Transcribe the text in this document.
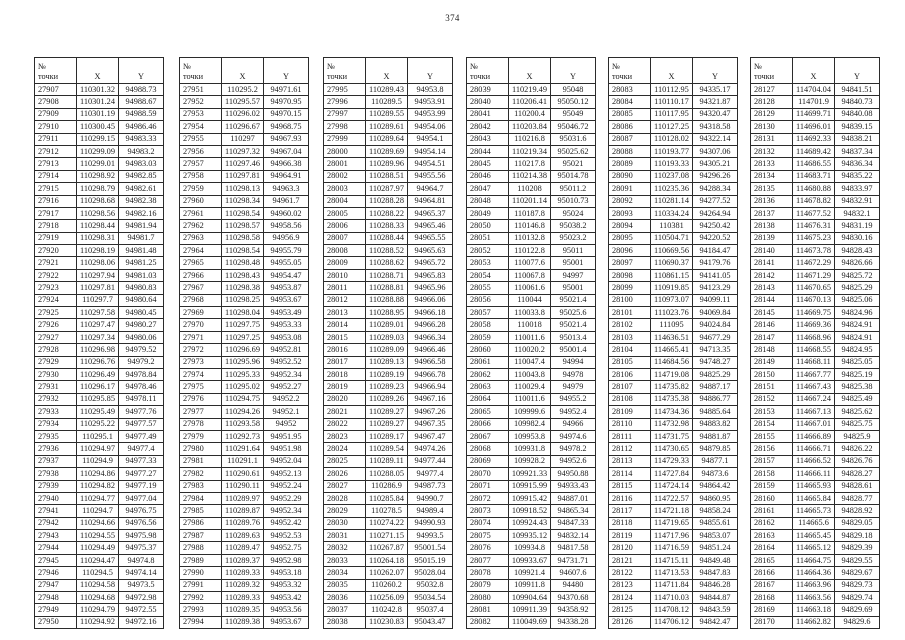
374
№
точки	X	Y
27907	110301.32	94988.73
27908	110301.24	94988.67
27909	110301.19	94988.59
27910	110300.45	94986.46
27911	110299.15	94983.33
27912	110299.09	94983.2
27913	110299.01	94983.03
27914	110298.92	94982.85
27915	110298.79	94982.61
27916	110298.68	94982.38
27917	110298.56	94982.16
27918	110298.44	94981.94
27919	110298.31	94981.7
27920	110298.19	94981.48
27921	110298.06	94981.25
27922	110297.94	94981.03
27923	110297.81	94980.83
27924	110297.7	94980.64
27925	110297.58	94980.45
27926	110297.47	94980.27
27927	110297.34	94980.06
27928	110296.98	94979.52
27929	110296.76	94979.2
27930	110296.49	94978.84
27931	110296.17	94978.46
27932	110295.85	94978.11
27933	110295.49	94977.76
27934	110295.22	94977.57
27935	110295.1	94977.49
27936	110294.97	94977.4
27937	110294.9	94977.33
27938	110294.86	94977.27
27939	110294.82	94977.19
27940	110294.77	94977.04
27941	110294.7	94976.75
27942	110294.66	94976.56
27943	110294.55	94975.98
27944	110294.49	94975.37
27945	110294.47	94974.8
27946	110294.5	94974.14
27947	110294.58	94973.5
27948	110294.68	94972.98
27949	110294.79	94972.55
27950	110294.92	94972.16
№
точки	X	Y
27951	110295.2	94971.61
27952	110295.57	94970.95
27953	110296.02	94970.15
27954	110296.67	94968.75
27955	110297	94967.93
27956	110297.32	94967.04
27957	110297.46	94966.38
27958	110297.81	94964.91
27959	110298.13	94963.3
27960	110298.34	94961.7
27961	110298.54	94960.02
27962	110298.57	94958.56
27963	110298.58	94956.9
27964	110298.54	94955.79
27965	110298.48	94955.05
27966	110298.43	94954.47
27967	110298.38	94953.87
27968	110298.25	94953.67
27969	110298.04	94953.49
27970	110297.75	94953.33
27971	110297.25	94953.08
27972	110296.69	94952.81
27973	110295.96	94952.52
27974	110295.33	94952.34
27975	110295.02	94952.27
27976	110294.75	94952.2
27977	110294.26	94952.1
27978	110293.58	94952
27979	110292.73	94951.95
27980	110291.64	94951.98
27981	110291.1	94952.04
27982	110290.61	94952.13
27983	110290.11	94952.24
27984	110289.97	94952.29
27985	110289.87	94952.34
27986	110289.76	94952.42
27987	110289.63	94952.53
27988	110289.47	94952.75
27989	110289.37	94952.98
27990	110289.33	94953.18
27991	110289.32	94953.32
27992	110289.33	94953.42
27993	110289.35	94953.56
27994	110289.38	94953.67
№
точки	X	Y
27995	110289.43	94953.8
27996	110289.5	94953.91
27997	110289.55	94953.99
27998	110289.61	94954.06
27999	110289.64	94954.1
28000	110289.69	94954.14
28001	110289.96	94954.51
28002	110288.51	94955.56
28003	110287.97	94964.7
28004	110288.28	94964.81
28005	110288.22	94965.37
28006	110288.33	94965.46
28007	110288.44	94965.55
28008	110288.52	94965.63
28009	110288.62	94965.72
28010	110288.71	94965.83
28011	110288.81	94965.96
28012	110288.88	94966.06
28013	110288.95	94966.18
28014	110289.01	94966.28
28015	110289.03	94966.34
28016	110289.09	94966.46
28017	110289.13	94966.58
28018	110289.19	94966.78
28019	110289.23	94966.94
28020	110289.26	94967.16
28021	110289.27	94967.26
28022	110289.27	94967.35
28023	110289.17	94967.47
28024	110289.54	94974.26
28025	110289.11	94977.44
28026	110288.05	94977.4
28027	110286.9	94987.73
28028	110285.84	94990.7
28029	110278.5	94989.4
28030	110274.22	94990.93
28031	110271.15	94993.5
28032	110267.87	95001.54
28033	110264.18	95015.19
28034	110262.07	95028.04
28035	110260.2	95032.8
28036	110256.09	95034.54
28037	110242.8	95037.4
28038	110230.83	95043.47
№
точки	X	Y
28039	110219.49	95048
28040	110206.41	95050.12
28041	110200.4	95049
28042	110203.84	95046.72
28043	110216.8	95031.6
28044	110219.34	95025.62
28045	110217.8	95021
28046	110214.38	95014.78
28047	110208	95011.2
28048	110201.14	95010.73
28049	110187.8	95024
28050	110146.8	95038.2
28051	110132.8	95023.2
28052	110122.8	95011
28053	110077.6	95001
28054	110067.8	94997
28055	110061.6	95001
28056	110044	95021.4
28057	110033.8	95025.6
28058	110018	95021.4
28059	110011.6	95013.4
28060	110020.2	95001.4
28061	110047.4	94994
28062	110043.8	94978
28063	110029.4	94979
28064	110011.6	94955.2
28065	109999.6	94952.4
28066	109982.4	94966
28067	109953.8	94974.6
28068	109931.8	94978.2
28069	109928.2	94952.6
28070	109921.33	94950.88
28071	109915.99	94933.43
28072	109915.42	94887.01
28073	109918.52	94865.34
28074	109924.43	94847.33
28075	109935.12	94832.14
28076	109934.8	94817.58
28077	109933.67	94731.71
28078	109921.4	94607.6
28079	109911.8	94480
28080	109904.64	94370.68
28081	109911.39	94358.92
28082	110049.69	94338.28
№
точки	X	Y
28083	110112.95	94335.17
28084	110110.17	94321.87
28085	110117.95	94320.47
28086	110127.25	94318.58
28087	110128.02	94322.14
28088	110193.77	94307.06
28089	110193.33	94305.21
28090	110237.08	94296.26
28091	110235.36	94288.34
28092	110281.14	94277.52
28093	110334.24	94264.94
28094	110381	94250.42
28095	110504.71	94220.52
28096	110669.56	94184.47
28097	110690.37	94179.76
28098	110861.15	94141.05
28099	110919.85	94123.29
28100	110973.07	94099.11
28101	111023.76	94069.84
28102	111095	94024.84
28103	114636.51	94677.29
28104	114665.41	94713.35
28105	114684.56	94748.27
28106	114719.08	94825.29
28107	114735.82	94887.17
28108	114735.38	94886.77
28109	114734.36	94885.64
28110	114732.98	94883.82
28111	114731.75	94881.87
28112	114730.65	94879.85
28113	114729.33	94877.1
28114	114727.84	94873.6
28115	114724.14	94864.42
28116	114722.57	94860.95
28117	114721.18	94858.24
28118	114719.65	94855.61
28119	114717.96	94853.07
28120	114716.59	94851.24
28121	114715.11	94849.48
28122	114713.53	94847.83
28123	114711.84	94846.28
28124	114710.03	94844.87
28125	114708.12	94843.59
28126	114706.12	94842.47
№
точки	X	Y
28127	114704.04	94841.51
28128	114701.9	94840.73
28129	114699.71	94840.08
28130	114696.01	94839.15
28131	114692.33	94838.21
28132	114689.42	94837.34
28133	114686.55	94836.34
28134	114683.71	94835.22
28135	114680.88	94833.97
28136	114678.82	94832.91
28137	114677.52	94832.1
28138	114676.31	94831.19
28139	114675.23	94830.16
28140	114673.78	94828.43
28141	114672.29	94826.66
28142	114671.29	94825.72
28143	114670.65	94825.29
28144	114670.13	94825.06
28145	114669.75	94824.96
28146	114669.36	94824.91
28147	114668.96	94824.91
28148	114668.55	94824.95
28149	114668.11	94825.05
28150	114667.77	94825.19
28151	114667.43	94825.38
28152	114667.24	94825.49
28153	114667.13	94825.62
28154	114667.01	94825.75
28155	114666.89	94825.9
28156	114666.71	94826.22
28157	114666.52	94826.76
28158	114666.11	94828.27
28159	114665.93	94828.61
28160	114665.84	94828.77
28161	114665.73	94828.92
28162	114665.6	94829.05
28163	114665.45	94829.18
28164	114665.12	94829.39
28165	114664.75	94829.55
28166	114664.36	94829.67
28167	114663.96	94829.73
28168	114663.56	94829.74
28169	114663.18	94829.69
28170	114662.82	94829.6
